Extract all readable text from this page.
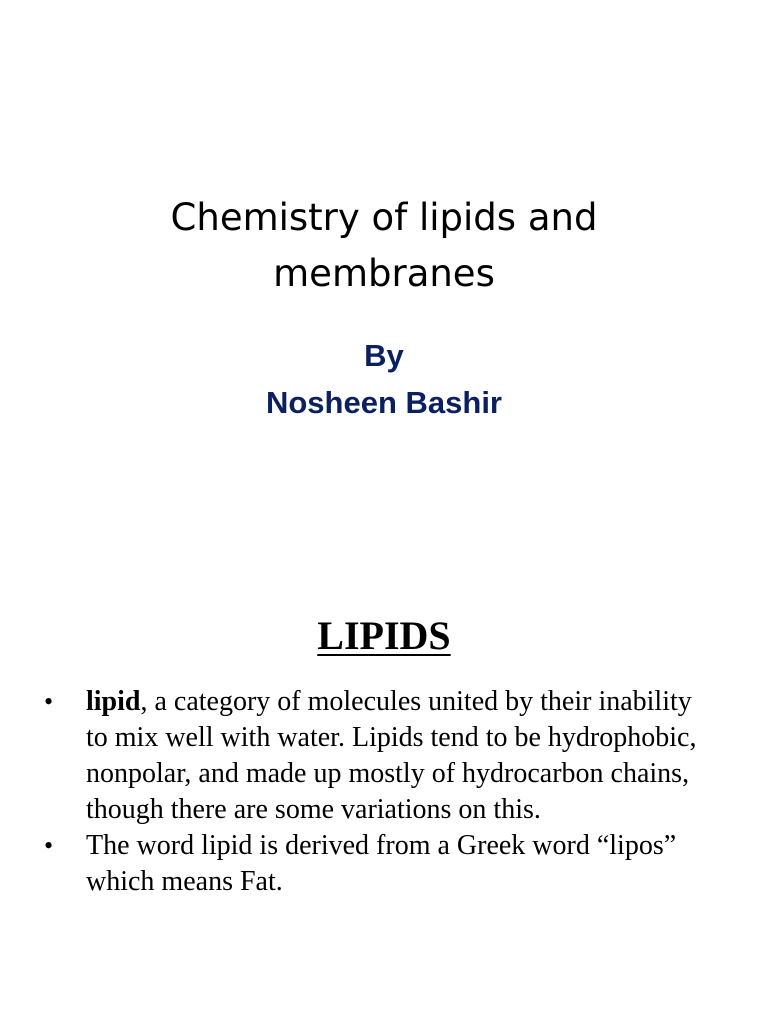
Chemistry of lipids and
membranes
By
Nosheen Bashir
LIPIDS
•	lipid, a category of molecules united by their inability
to mix well with water. Lipids tend to be hydrophobic,
nonpolar, and made up mostly of hydrocarbon chains,
though there are some variations on this.
•	The word lipid is derived from a Greek word “lipos”
which means Fat.
